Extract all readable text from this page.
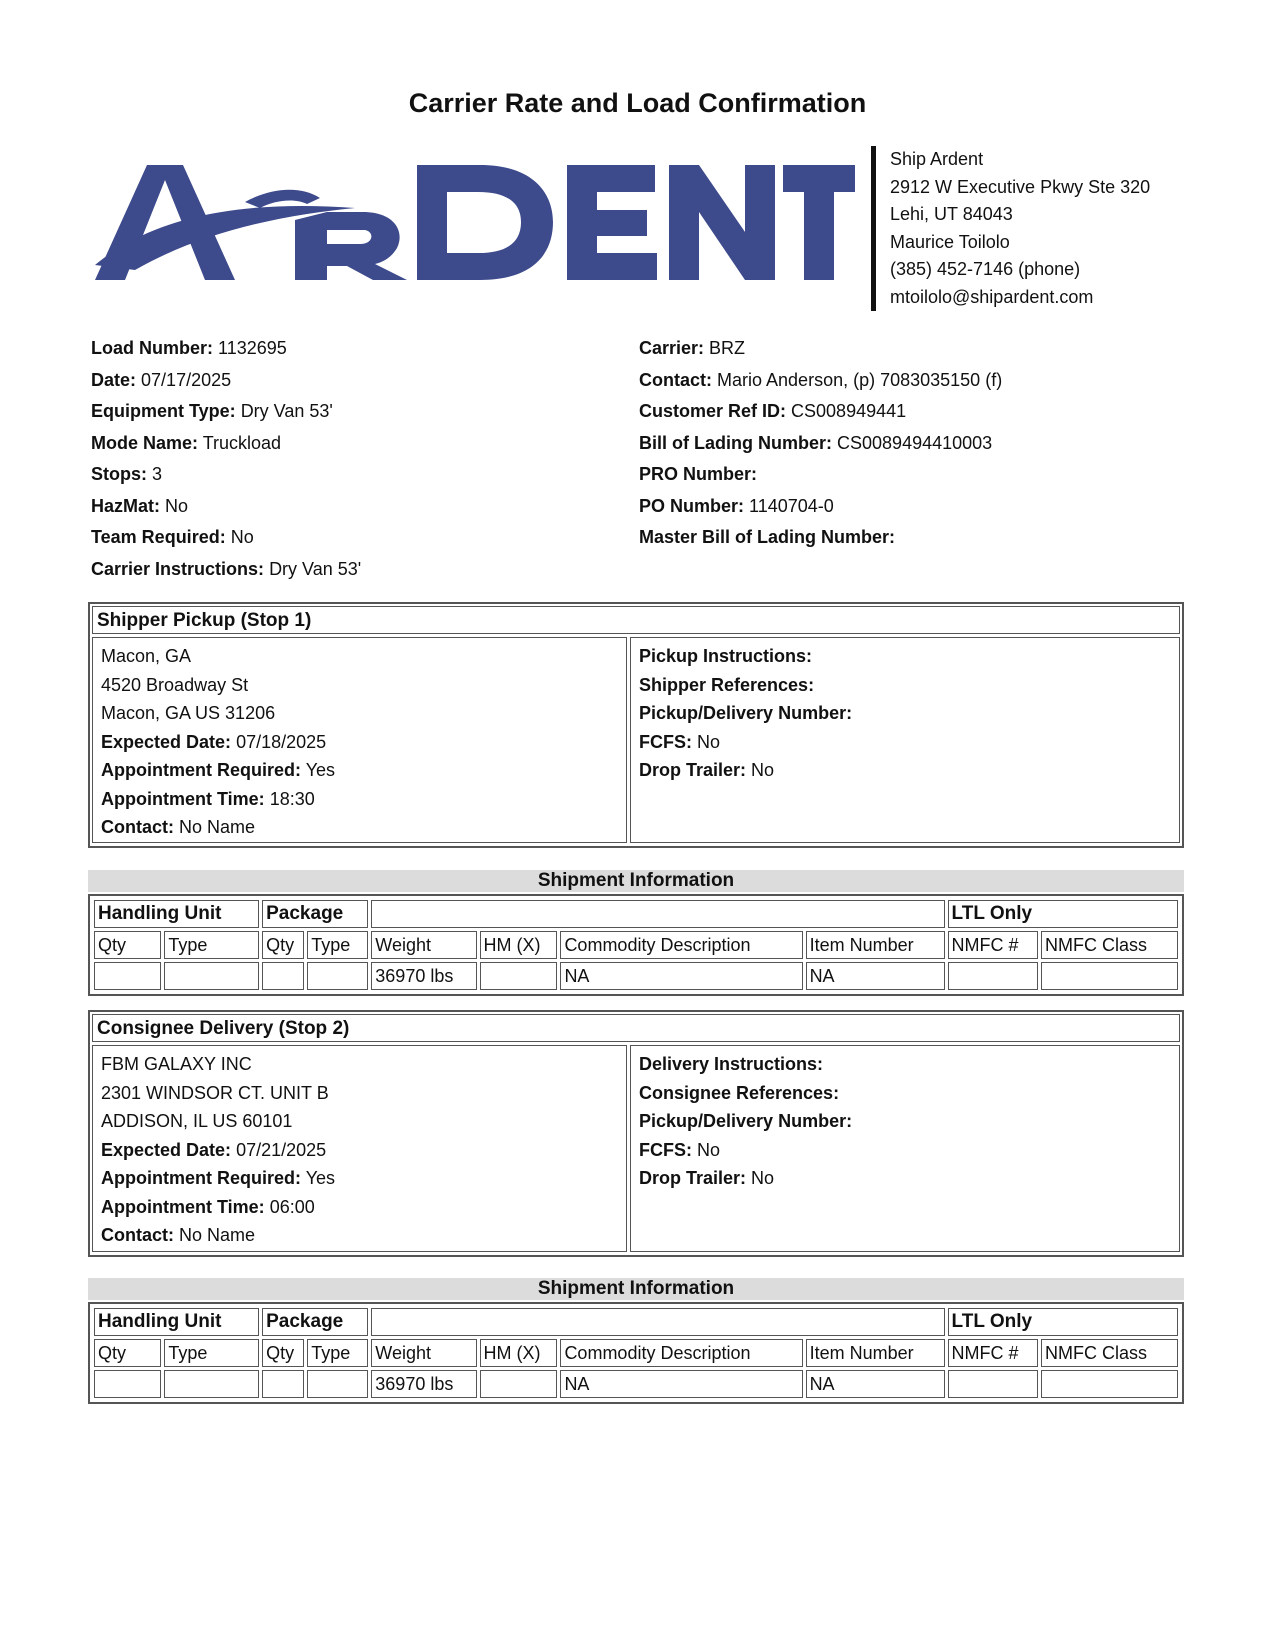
Carrier Rate and Load Confirmation
Ship Ardent
2912 W Executive Pkwy Ste 320
Lehi, UT 84043
Maurice Toilolo
(385) 452-7146 (phone)
mtoilolo@shipardent.com
Load Number: 1132695
Date: 07/17/2025
Equipment Type: Dry Van 53'
Mode Name: Truckload
Stops: 3
HazMat: No
Team Required: No
Carrier Instructions: Dry Van 53'
Carrier: BRZ
Contact: Mario Anderson, (p) 7083035150 (f)
Customer Ref ID: CS008949441
Bill of Lading Number: CS0089494410003
PRO Number:
PO Number: 1140704-0
Master Bill of Lading Number:
Shipper Pickup (Stop 1)
Macon, GA
4520 Broadway St
Macon, GA US 31206
Expected Date: 07/18/2025
Appointment Required: Yes
Appointment Time: 18:30
Contact: No Name
Pickup Instructions:
Shipper References:
Pickup/Delivery Number:
FCFS: No
Drop Trailer: No
Shipment Information
Handling Unit		Package						LTL Only	
Qty	Type	Qty	Type	Weight	HM (X)	Commodity Description	Item Number	NMFC #	NMFC Class
				36970 lbs		NA	NA		
Consignee Delivery (Stop 2)
FBM GALAXY INC
2301 WINDSOR CT. UNIT B
ADDISON, IL US 60101
Expected Date: 07/21/2025
Appointment Required: Yes
Appointment Time: 06:00
Contact: No Name
Delivery Instructions:
Consignee References:
Pickup/Delivery Number:
FCFS: No
Drop Trailer: No
Shipment Information
Handling Unit		Package						LTL Only	
Qty	Type	Qty	Type	Weight	HM (X)	Commodity Description	Item Number	NMFC #	NMFC Class
				36970 lbs		NA	NA		
